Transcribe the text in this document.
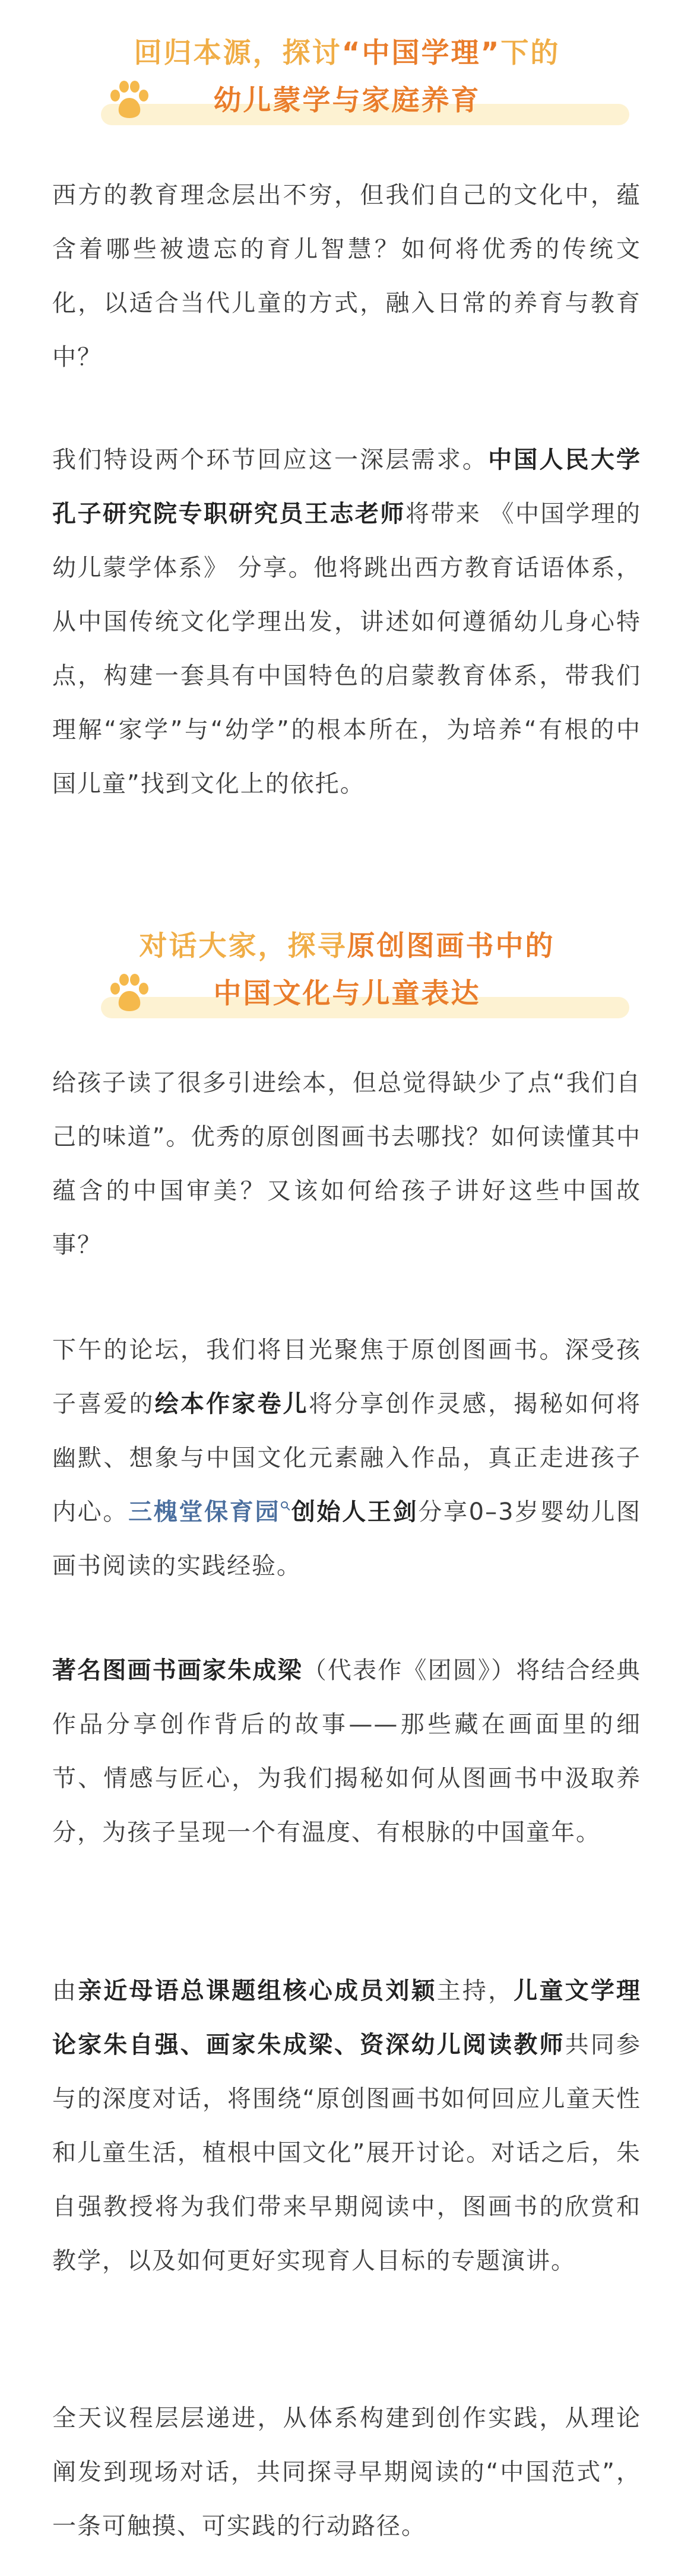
回归本源，探讨“中国学理”下的
幼儿蒙学与家庭养育

西方的教育理念层出不穷，但我们自己的文化中，蕴含着哪些被遗忘的育儿智慧？如何将优秀的传统文化，以适合当代儿童的方式，融入日常的养育与教育中？

我们特设两个环节回应这一深层需求。中国人民大学孔子研究院专职研究员王志老师将带来 《中国学理的幼儿蒙学体系》 分享。他将跳出西方教育话语体系，从中国传统文化学理出发，讲述如何遵循幼儿身心特点，构建一套具有中国特色的启蒙教育体系，带我们理解“家学”与“幼学”的根本所在，为培养“有根的中国儿童”找到文化上的依托。

对话大家，探寻原创图画书中的
中国文化与儿童表达

给孩子读了很多引进绘本，但总觉得缺少了点“我们自己的味道”。优秀的原创图画书去哪找？如何读懂其中蕴含的中国审美？又该如何给孩子讲好这些中国故事？

下午的论坛，我们将目光聚焦于原创图画书。深受孩子喜爱的绘本作家卷儿将分享创作灵感，揭秘如何将幽默、想象与中国文化元素融入作品，真正走进孩子内心。三槐堂保育园 创始人王剑分享0–3岁婴幼儿图画书阅读的实践经验。

著名图画书画家朱成梁（代表作《团圆》）将结合经典作品分享创作背后的故事——那些藏在画面里的细节、情感与匠心，为我们揭秘如何从图画书中汲取养分，为孩子呈现一个有温度、有根脉的中国童年。

由亲近母语总课题组核心成员刘颖主持，儿童文学理论家朱自强、画家朱成梁、资深幼儿阅读教师共同参与的深度对话，将围绕“原创图画书如何回应儿童天性和儿童生活，植根中国文化”展开讨论。对话之后，朱自强教授将为我们带来早期阅读中，图画书的欣赏和教学，以及如何更好实现育人目标的专题演讲。

全天议程层层递进，从体系构建到创作实践，从理论阐发到现场对话，共同探寻早期阅读的“中国范式”，一条可触摸、可实践的行动路径。
